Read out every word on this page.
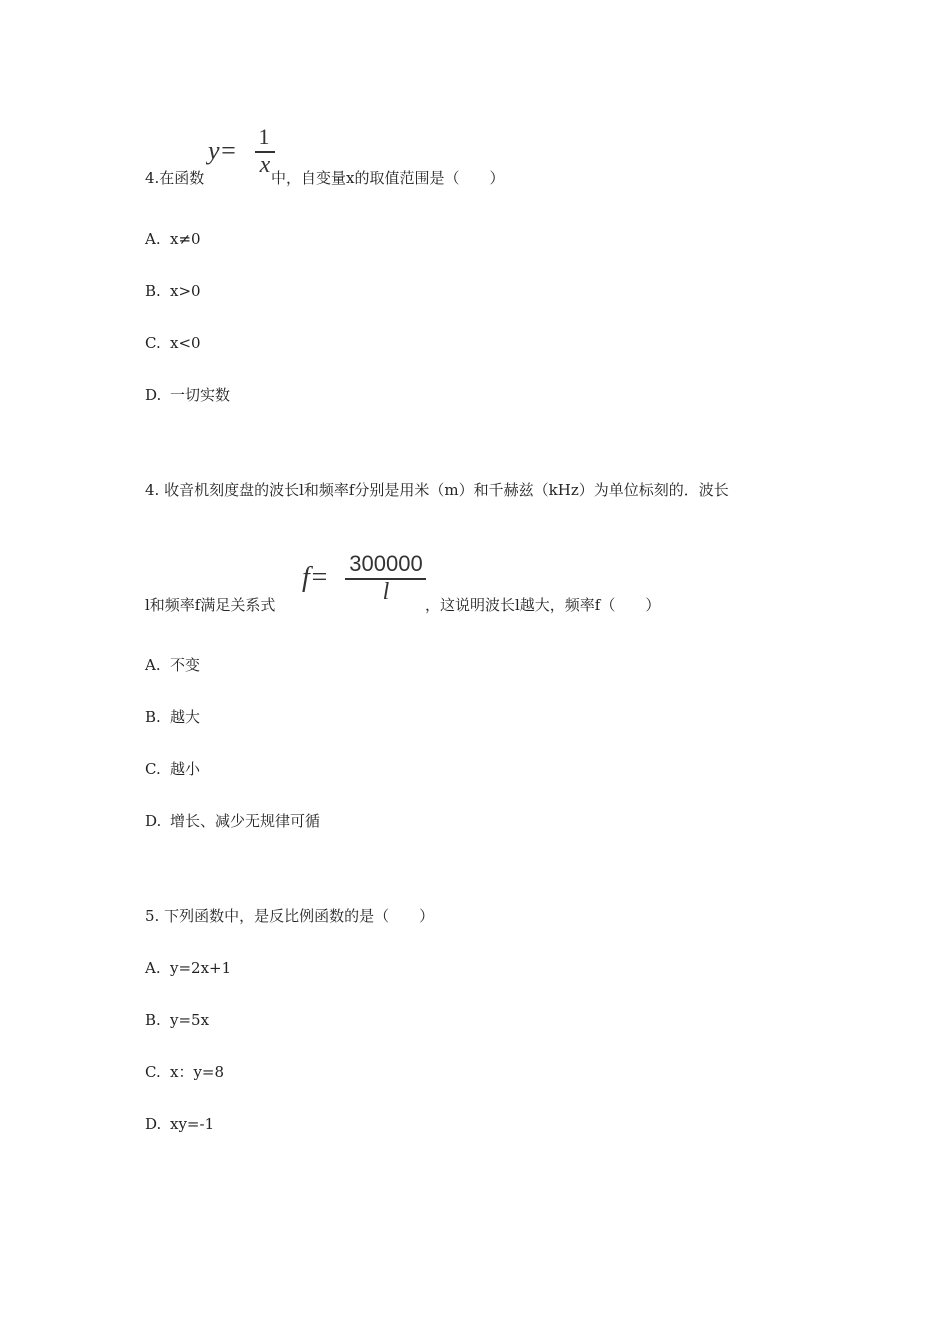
4.在函数
y= 1
x 中，自变量x的取值范围是（　　）
A. x≠0
B. x>0
C. x<0
D. 一切实数
4. 收音机刻度盘的波长l和频率f分别是用米（m）和千赫兹（kHz）为单位标刻的．波长
l和频率f满足关系式
f= 300000
l	，这说明波长l越大，频率f（　　）
A. 不变
B. 越大
C. 越小
D. 增长、减少无规律可循
5. 下列函数中，是反比例函数的是（　　）
A. y=2x+1
B. y=5x
C. x：y=8
D. xy=-1
